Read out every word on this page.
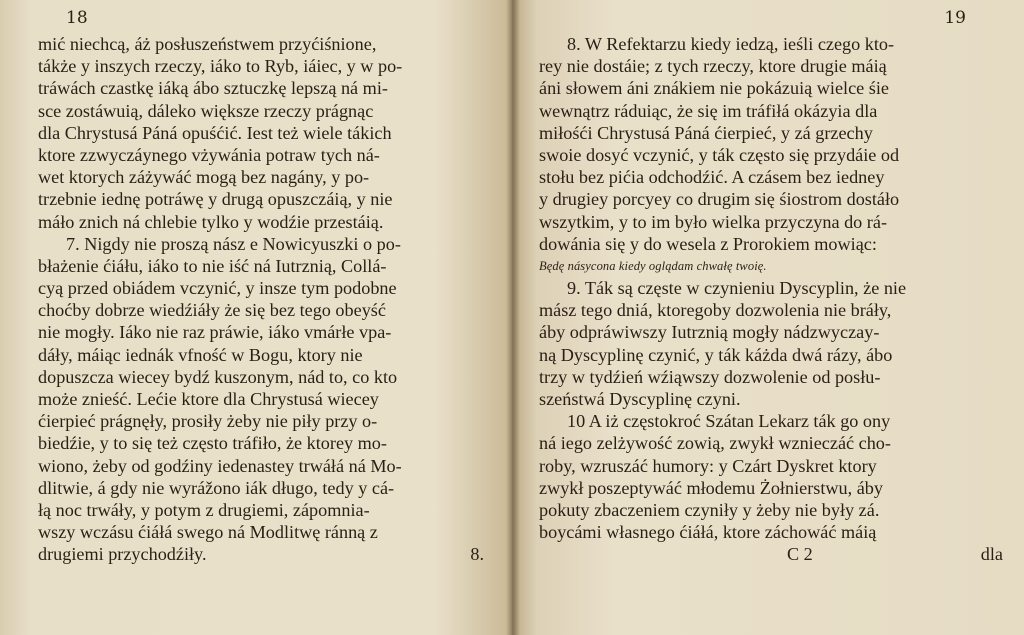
18
mić niechcą, áż posłuszeństwem przyćiśnione,
tákże y inszych rzeczy, iáko to Ryb, iáiec, y w po-
tráwách czastkę iáką ábo sztuczkę lepszą ná mi-
sce zostáwuią, dáleko większe rzeczy prágnąc
dla Chrystusá Páná opuśćić. Iest też wiele tákich
ktore zzwyczáynego vżywánia potraw tych ná-
wet ktorych záżywáć mogą bez nagány, y po-
trzebnie iednę potráwę y drugą opuszczáią, y nie
máło znich ná chlebie tylko y wodźie przestáią.
7. Nigdy nie proszą nász e Nowicyuszki o po-
błażenie ćiáłu, iáko to nie iść ná Iutrznią, Collá-
cyą przed obiádem vczynić, y insze tym podobne
choćby dobrze wiedźiáły że się bez tego obeyść
nie mogły. Iáko nie raz práwie, iáko vmárłe vpa-
dáły, máiąc iednák vfność w Bogu, ktory nie
dopuszcza wiecey bydź kuszonym, nád to, co kto
może znieść. Lećie ktore dla Chrystusá wiecey
ćierpieć prágnęły, prosiły żeby nie piły przy o-
biedźie, y to się też często tráfiło, że ktorey mo-
wiono, żeby od godźiny iedenastey trwáłá ná Mo-
dlitwie, á gdy nie wyrážono iák długo, tedy y cá-
łą noc trwáły, y potym z drugiemi, zápomnia-
wszy wczásu ćiáłá swego ná Modlitwę ránną z
drugiemi przychodźiły.	8.
19
8. W Refektarzu kiedy iedzą, ieśli czego kto-
rey nie dostáie; z tych rzeczy, ktore drugie máią
áni słowem áni znákiem nie pokázuią wielce śie
wewnątrz ráduiąc, że się im tráfiłá okázyia dla
miłośći Chrystusá Páná ćierpieć, y zá grzechy
swoie dosyć vczynić, y ták często się przydáie od
stołu bez pićia odchodźić. A czásem bez iedney
y drugiey porcyey co drugim się śiostrom dostáło
wszytkim, y to im było wielka przyczyna do rá-
dowánia się y do wesela z Prorokiem mowiąc:
Będę násycona kiedy oglądam chwałę twoię.
9. Ták są częste w czynieniu Dyscyplin, że nie
mász tego dniá, ktoregoby dozwolenia nie bráły,
áby odpráwiwszy Iutrznią mogły nádzwyczay-
ną Dyscyplinę czynić, y ták káżda dwá rázy, ábo
trzy w tydźień wźiąwszy dozwolenie od posłu-
szeństwá Dyscyplinę czyni.
10 A iż częstokroć Szátan Lekarz ták go ony
ná iego zelżywość zowią, zwykł wznieczáć cho-
roby, wzruszáć humory: y Czárt Dyskret ktory
zwykł poszeptywáć młodemu Żołnierstwu, áby
pokuty zbaczeniem czyniły y żeby nie były zá.
boycámi własnego ćiáłá, ktore záchowáć máią
C 2	dla
